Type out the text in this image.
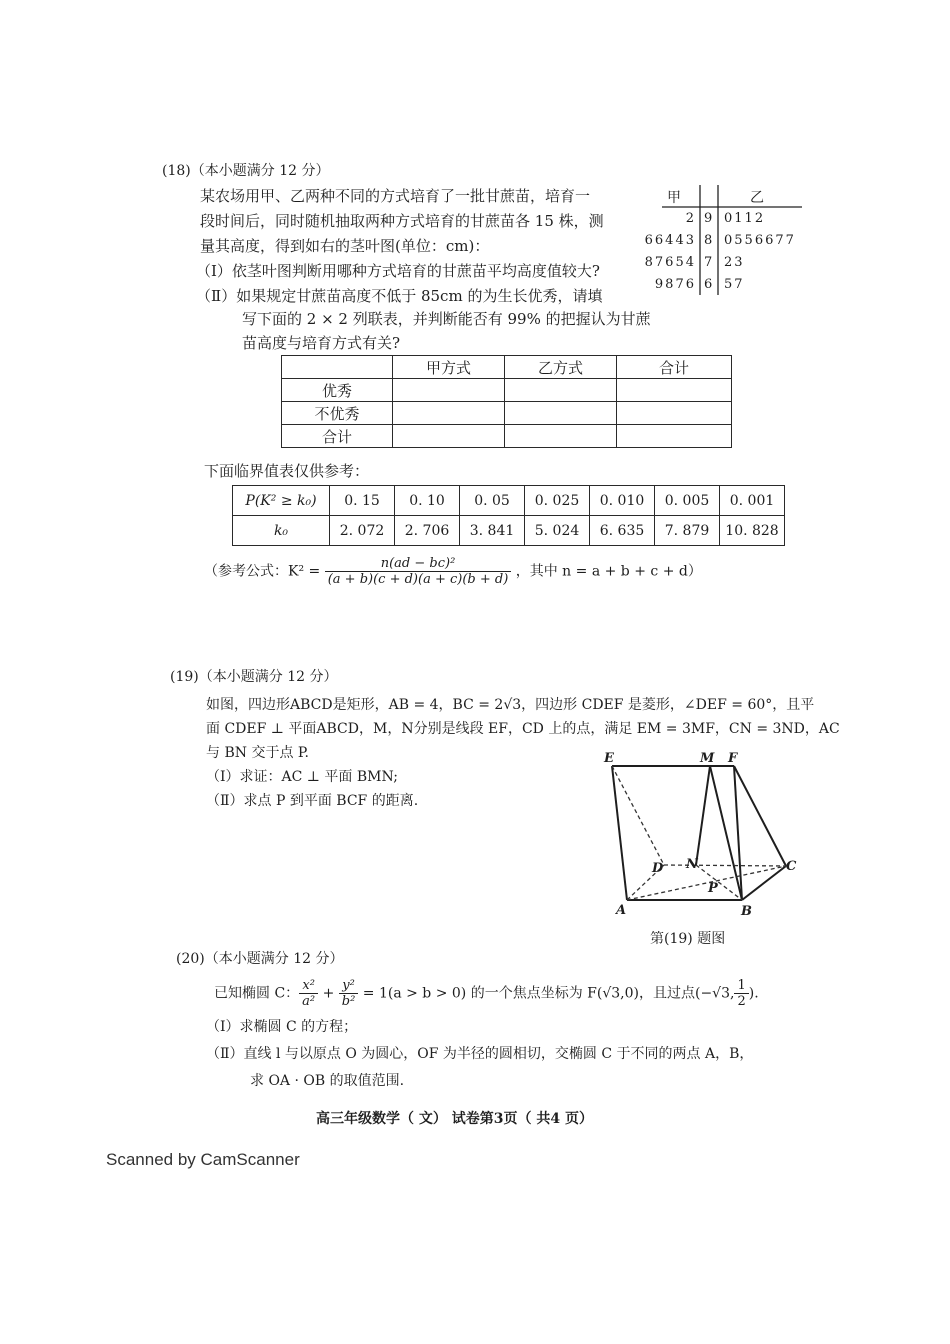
(18)（本小题满分 12 分）
某农场用甲、乙两种不同的方式培育了一批甘蔗苗，培育一
段时间后，同时随机抽取两种方式培育的甘蔗苗各 15 株，测
量其高度，得到如右的茎叶图(单位：cm)：
（Ⅰ）依茎叶图判断用哪种方式培育的甘蔗苗平均高度值较大?
（Ⅱ）如果规定甘蔗苗高度不低于 85cm 的为生长优秀，请填
写下面的 2 × 2 列联表，并判断能否有 99% 的把握认为甘蔗
苗高度与培育方式有关?
甲	乙
2 9 0112
66443 8 0556677
87654 7 23
9876 6 57
	甲方式	乙方式	合计
优秀			
不优秀			
合计			
下面临界值表仅供参考：
P(K² ≥ k₀)	0. 15	0. 10	0. 05	0. 025	0. 010	0. 005	0. 001
k₀	2. 072	2. 706	3. 841	5. 024	6. 635	7. 879	10. 828
（参考公式：$K^2 = \frac{\text{n(ad − bc)²}}{(a + b)(c + d)(a + c)(b + d)}$ ，其中 n = a + b + c + d）
(19)（本小题满分 12 分）
如图，四边形ABCD是矩形，AB = 4，BC = 2√3，四边形 CDEF 是菱形，∠DEF = 60°，且平
面 CDEF ⊥ 平面ABCD，M，N分别是线段 EF，CD 上的点，满足 EM = 3MF，CN = 3ND，AC
与 BN 交于点 P.
（Ⅰ）求证：AC ⊥ 平面 BMN;
（Ⅱ）求点 P 到平面 BCF 的距离.
E	M F
D N	C
P
A	B
第(19) 题图
(20)（本小题满分 12 分）
已知椭圆 C： $\frac{\text{x²}}{\text{a²}} + \frac{\text{y²}}{\text{b²}} = 1(a > b > 0)$ 的一个焦点坐标为 F(√3,0)，且过点(−√3, $\frac{1}{2}$ ).
（Ⅰ）求椭圆 C 的方程；
（Ⅱ）直线 l 与以原点 O 为圆心，OF 为半径的圆相切，交椭圆 C 于不同的两点 A，B，
求 OA · OB 的取值范围.
高三年级数学（ 文） 试卷第3页（ 共4 页）
Scanned by CamScanner
